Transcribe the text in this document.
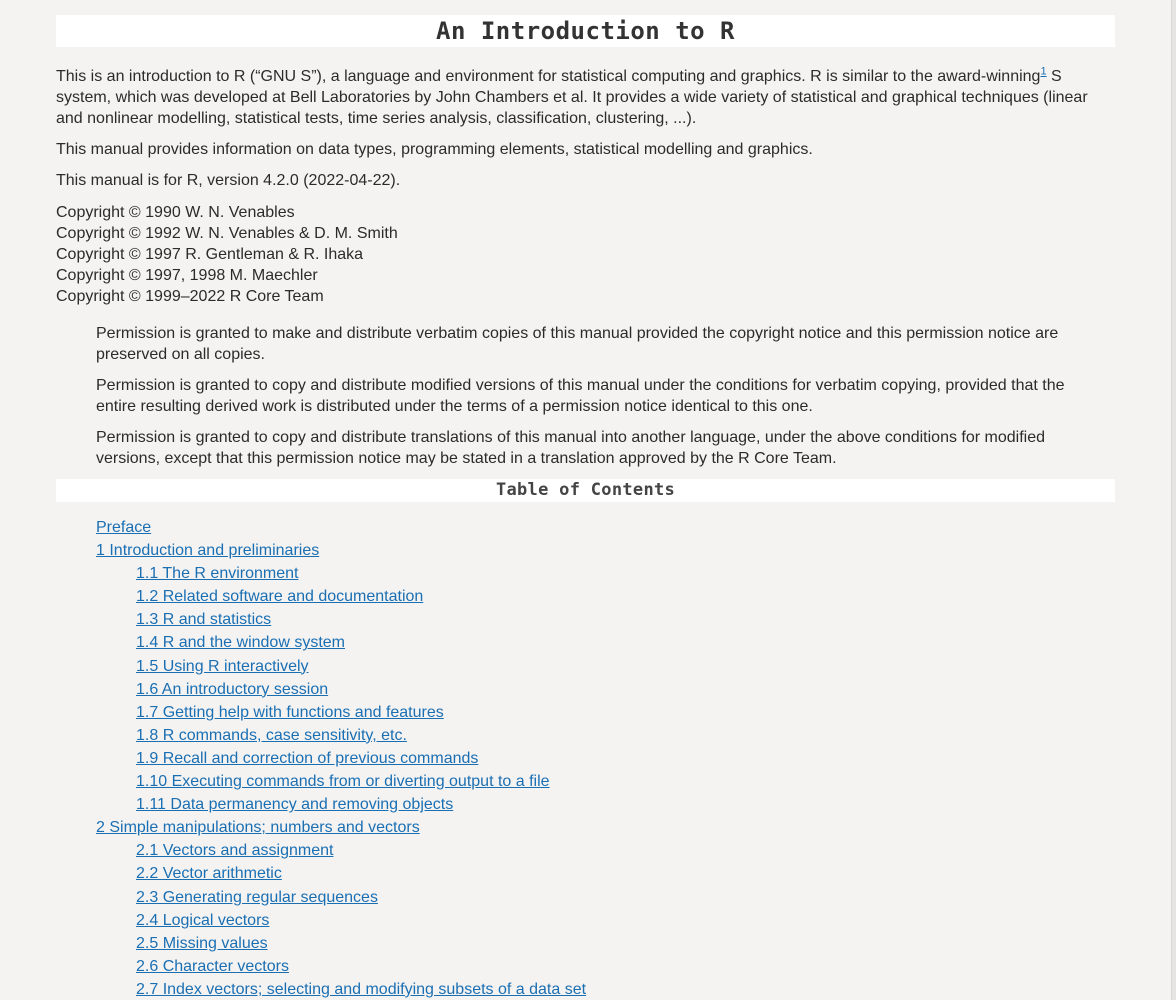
An Introduction to R

This is an introduction to R (“GNU S”), a language and environment for statistical computing and graphics. R is similar to the award-winning$^1$ S system, which was developed at Bell Laboratories by John Chambers et al. It provides a wide variety of statistical and graphical techniques (linear and nonlinear modelling, statistical tests, time series analysis, classification, clustering, ...).

This manual provides information on data types, programming elements, statistical modelling and graphics.

This manual is for R, version 4.2.0 (2022-04-22).

Copyright © 1990 W. N. Venables
Copyright © 1992 W. N. Venables & D. M. Smith
Copyright © 1997 R. Gentleman & R. Ihaka
Copyright © 1997, 1998 M. Maechler
Copyright © 1999–2022 R Core Team

Permission is granted to make and distribute verbatim copies of this manual provided the copyright notice and this permission notice are preserved on all copies.

Permission is granted to copy and distribute modified versions of this manual under the conditions for verbatim copying, provided that the entire resulting derived work is distributed under the terms of a permission notice identical to this one.

Permission is granted to copy and distribute translations of this manual into another language, under the above conditions for modified versions, except that this permission notice may be stated in a translation approved by the R Core Team.

Table of Contents
Preface
1 Introduction and preliminaries
1.1 The R environment
1.2 Related software and documentation
1.3 R and statistics
1.4 R and the window system
1.5 Using R interactively
1.6 An introductory session
1.7 Getting help with functions and features
1.8 R commands, case sensitivity, etc.
1.9 Recall and correction of previous commands
1.10 Executing commands from or diverting output to a file
1.11 Data permanency and removing objects
2 Simple manipulations; numbers and vectors
2.1 Vectors and assignment
2.2 Vector arithmetic
2.3 Generating regular sequences
2.4 Logical vectors
2.5 Missing values
2.6 Character vectors
2.7 Index vectors; selecting and modifying subsets of a data set
